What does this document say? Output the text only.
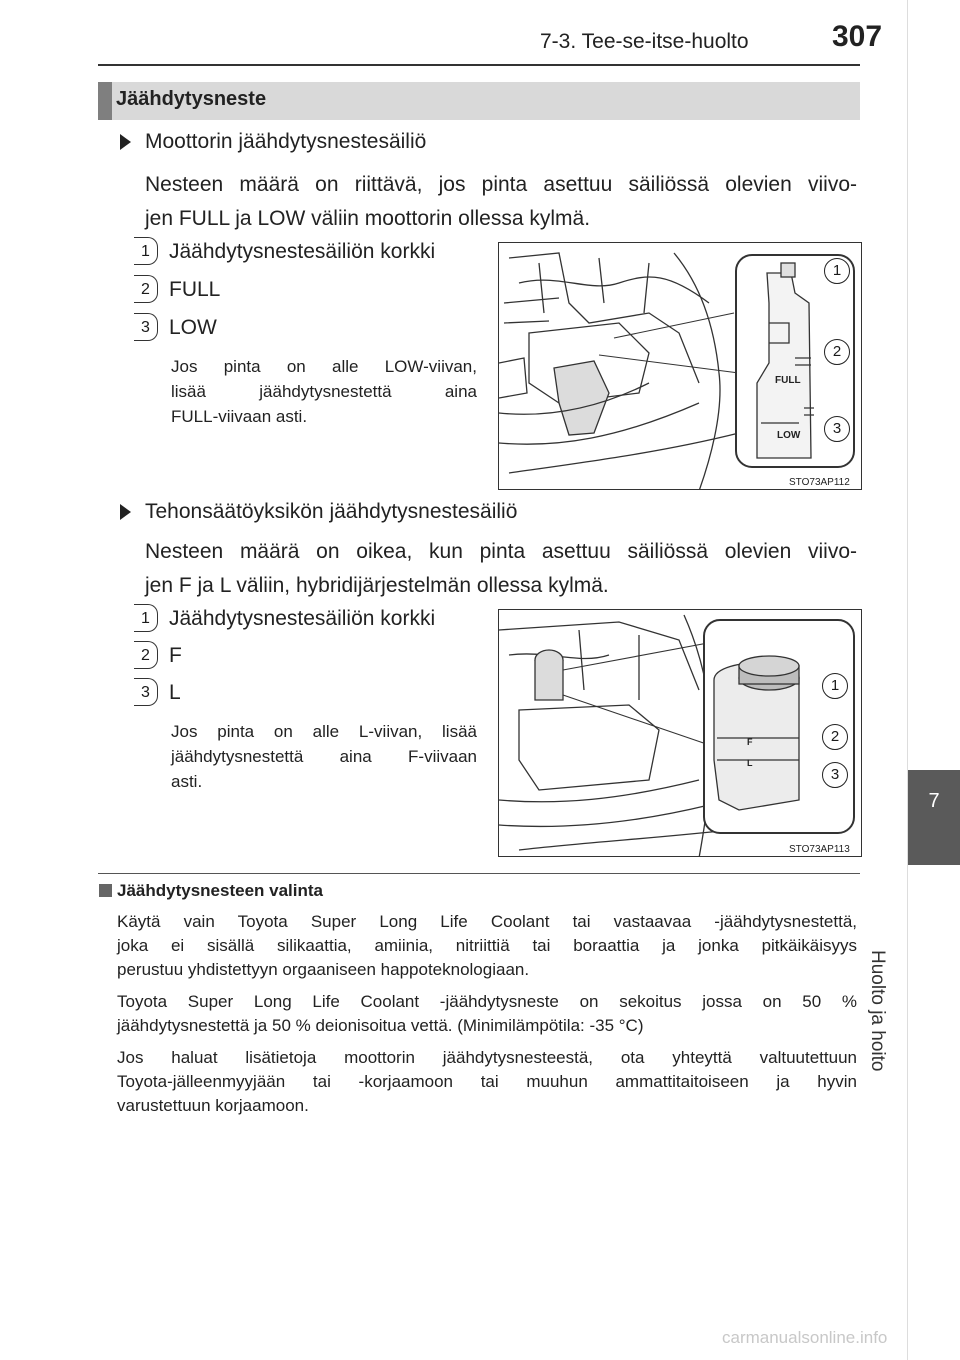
7-3. Tee-se-itse-huolto	307
7
Huolto ja hoito
Jäähdytysneste
Moottorin jäähdytysnestesäiliö
Nesteen määrä on riittävä, jos pinta asettuu säiliössä olevien viivo-
jen FULL ja LOW väliin moottorin ollessa kylmä.
1 Jäähdytysnestesäiliön korkki
2 FULL
3 LOW
Jos pinta on alle LOW-viivan,
lisää jäähdytysnestettä aina
FULL-viivaan asti.
FULL
LOW
1
2
3
STO73AP112
Tehonsäätöyksikön jäähdytysnestesäiliö
Nesteen määrä on oikea, kun pinta asettuu säiliössä olevien viivo-
jen F ja L väliin, hybridijärjestelmän ollessa kylmä.
1 Jäähdytysnestesäiliön korkki
2 F
3 L
Jos pinta on alle L-viivan, lisää
jäähdytysnestettä aina F-viivaan
asti.
F
L
1
2
3
STO73AP113
Jäähdytysnesteen valinta
Käytä vain Toyota Super Long Life Coolant tai vastaavaa -jäähdytysnestettä,
joka ei sisällä silikaattia, amiinia, nitriittiä tai boraattia ja jonka pitkäikäisyys
perustuu yhdistettyyn orgaaniseen happoteknologiaan.
Toyota Super Long Life Coolant -jäähdytysneste on sekoitus jossa on 50 %
jäähdytysnestettä ja 50 % deionisoitua vettä. (Minimilämpötila: -35 °C)
Jos haluat lisätietoja moottorin jäähdytysnesteestä, ota yhteyttä valtuutettuun
Toyota-jälleenmyyjään tai -korjaamoon tai muuhun ammattitaitoiseen ja hyvin
varustettuun korjaamoon.
carmanualsonline.info
